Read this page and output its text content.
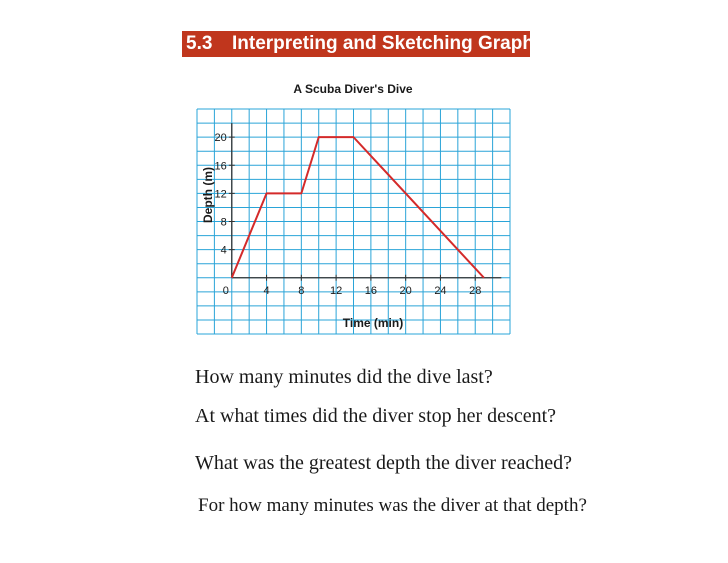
5.3 Interpreting and Sketching Graphs
A Scuba Diver's Dive
0	4	8 12 16 20 24 28
4
8
12
16
20
Time (min)
Depth (m)
How many minutes did the dive last?
At what times did the diver stop her descent?
What was the greatest depth the diver reached?
For how many minutes was the diver at that depth?
